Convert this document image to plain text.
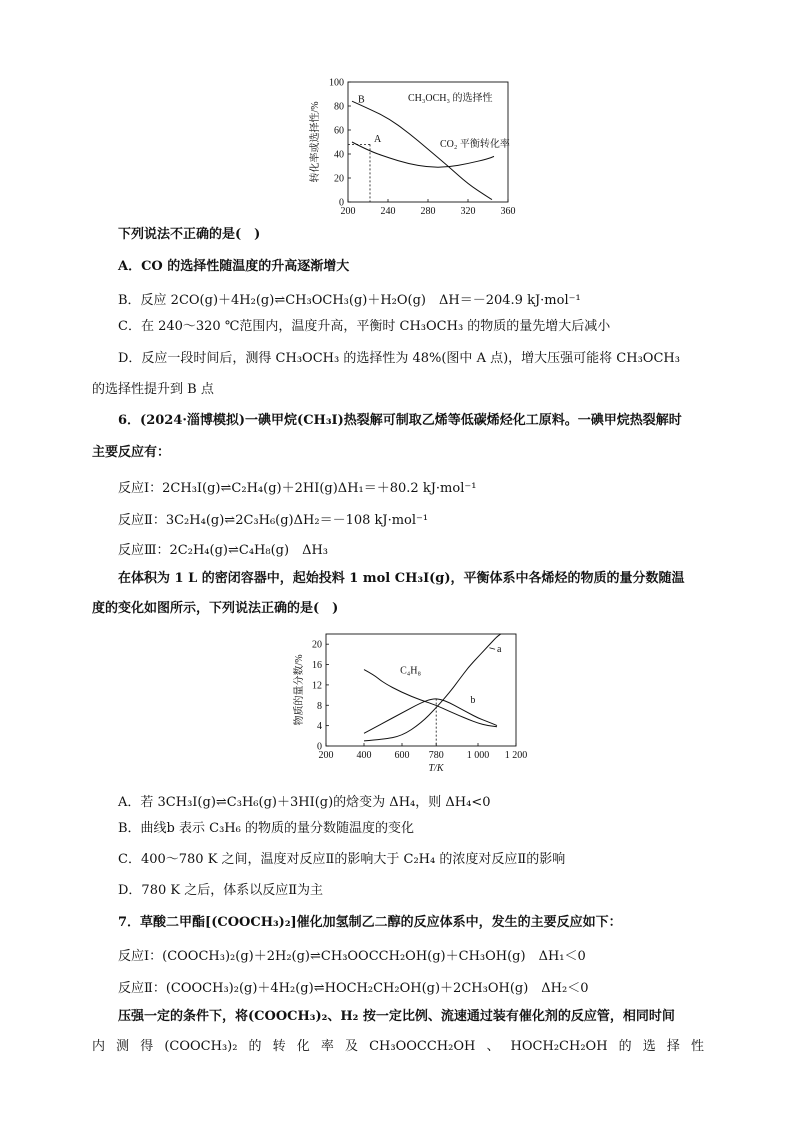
转化率或选择性/%
200	240	280	320	360
0
20
40
60
80
100
CH₃OCH₃ 的选择性
CO₂ 平衡转化率
B
A
下列说法不正确的是(　)
A．CO 的选择性随温度的升高逐渐增大
B．反应 2CO(g)＋4H₂(g)⇌CH₃OCH₃(g)＋H₂O(g)　ΔH＝－204.9 kJ·mol⁻¹
C．在 240～320 ℃范围内，温度升高，平衡时 CH₃OCH₃ 的物质的量先增大后减小
D．反应一段时间后，测得 CH₃OCH₃ 的选择性为 48%(图中 A 点)，增大压强可能将 CH₃OCH₃
的选择性提升到 B 点
6．(2024·淄博模拟)一碘甲烷(CH₃I)热裂解可制取乙烯等低碳烯烃化工原料。一碘甲烷热裂解时
主要反应有：
反应Ⅰ：2CH₃I(g)⇌C₂H₄(g)＋2HI(g)ΔH₁＝＋80.2 kJ·mol⁻¹
反应Ⅱ：3C₂H₄(g)⇌2C₃H₆(g)ΔH₂＝－108 kJ·mol⁻¹
反应Ⅲ：2C₂H₄(g)⇌C₄H₈(g)　ΔH₃
在体积为 1 L 的密闭容器中，起始投料 1 mol CH₃I(g)，平衡体系中各烯烃的物质的量分数随温
度的变化如图所示，下列说法正确的是(　)
物质的量分数/%
T/K
200 400 600 780 1 000 1 200
0
4
8
12
16
20
C₄H₈
a
b
A．若 3CH₃I(g)⇌C₃H₆(g)＋3HI(g)的焓变为 ΔH₄，则 ΔH₄<0
B．曲线b 表示 C₃H₆ 的物质的量分数随温度的变化
C．400～780 K 之间，温度对反应Ⅱ的影响大于 C₂H₄ 的浓度对反应Ⅱ的影响
D．780 K 之后，体系以反应Ⅱ为主
7．草酸二甲酯[(COOCH₃)₂]催化加氢制乙二醇的反应体系中，发生的主要反应如下：
反应Ⅰ：(COOCH₃)₂(g)＋2H₂(g)⇌CH₃OOCCH₂OH(g)＋CH₃OH(g)　ΔH₁＜0
反应Ⅱ：(COOCH₃)₂(g)＋4H₂(g)⇌HOCH₂CH₂OH(g)＋2CH₃OH(g)　ΔH₂＜0
压强一定的条件下，将(COOCH₃)₂、H₂ 按一定比例、流速通过装有催化剂的反应管，相同时间
内 测 得 (COOCH₃)₂ 的 转 化 率 及 CH₃OOCCH₂OH 、 HOCH₂CH₂OH 的 选 择 性
